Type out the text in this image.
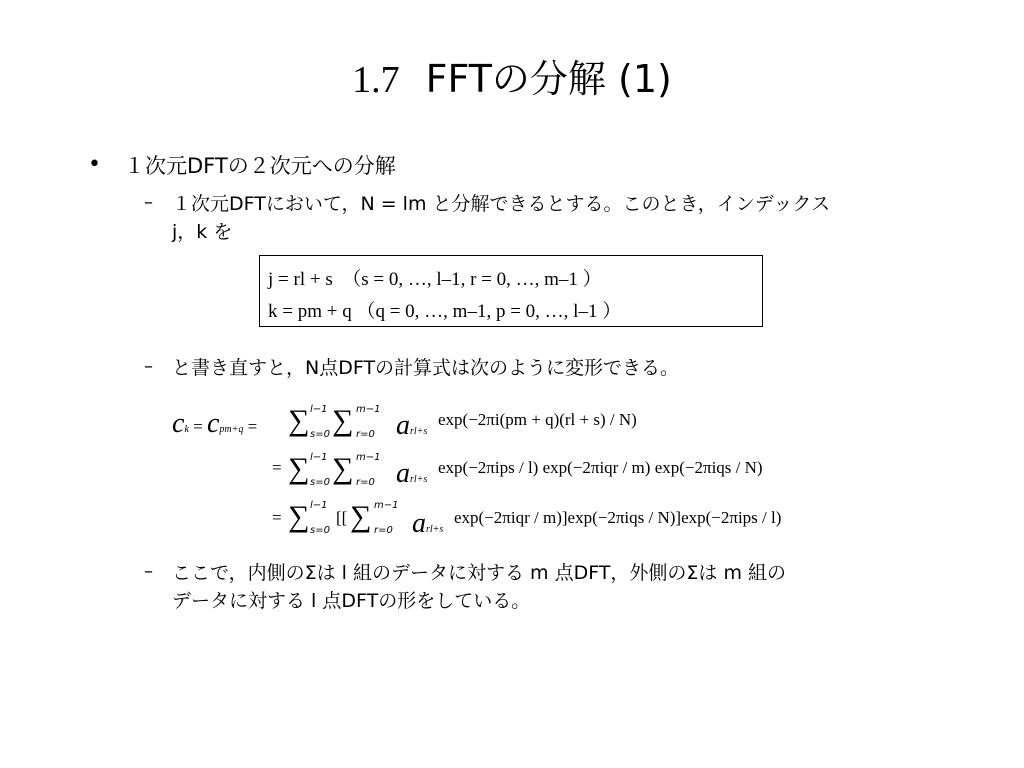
1.7 FFTの分解 (1)
• １次元DFTの２次元への分解
– １次元DFTにおいて，N = lm と分解できるとする。このとき，インデックス
j，k を
j = rl + s　（s = 0, …, l–1, r = 0, …, m–1 ）
k = pm + q （q = 0, …, m–1, p = 0, …, l–1 ）
– と書き直すと，N点DFTの計算式は次のように変形できる。
ck = cpm+q = ∑ l−1
s=0 ∑ m−1
r=0 arl+s
exp(−2πi(pm + q)(rl + s) / N)
= ∑ l−1
s=0 ∑ m−1
r=0 arl+s
exp(−2πips / l) exp(−2πiqr / m) exp(−2πiqs / N)
= ∑ l−1
s=0
[[ ∑ m−1
r=0 arl+s
exp(−2πiqr / m)]exp(−2πiqs / N)]exp(−2πips / l)
– ここで，内側のΣは l 組のデータに対する m 点DFT，外側のΣは m 組の
データに対する l 点DFTの形をしている。
